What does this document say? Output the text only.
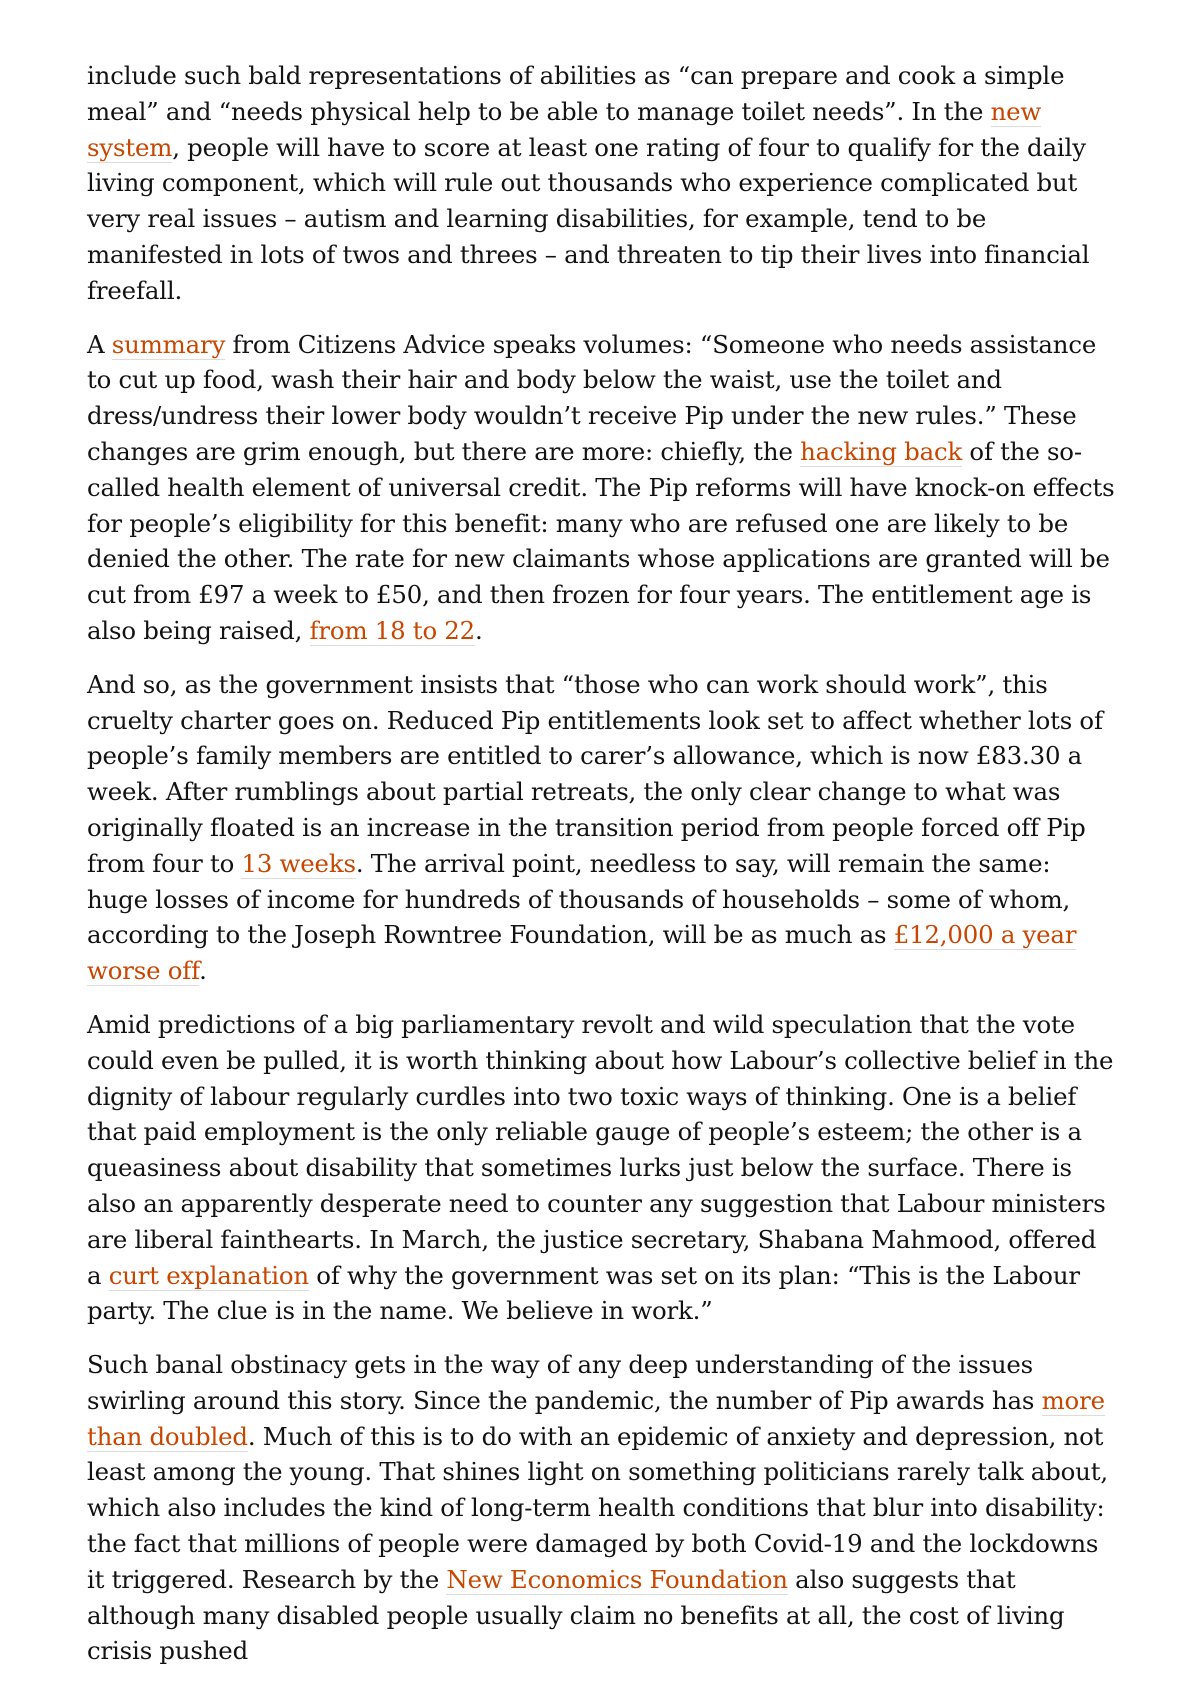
include such bald representations of abilities as “can prepare and cook a simple meal” and “needs physical help to be able to manage toilet needs”. In the new system, people will have to score at least one rating of four to qualify for the daily living component, which will rule out thousands who experience complicated but very real issues – autism and learning disabilities, for example, tend to be manifested in lots of twos and threes – and threaten to tip their lives into financial freefall.

A summary from Citizens Advice speaks volumes: “Someone who needs assistance to cut up food, wash their hair and body below the waist, use the toilet and dress/undress their lower body wouldn’t receive Pip under the new rules.” These changes are grim enough, but there are more: chiefly, the hacking back of the so-called health element of universal credit. The Pip reforms will have knock-on effects for people’s eligibility for this benefit: many who are refused one are likely to be denied the other. The rate for new claimants whose applications are granted will be cut from £97 a week to £50, and then frozen for four years. The entitlement age is also being raised, from 18 to 22.

And so, as the government insists that “those who can work should work”, this cruelty charter goes on. Reduced Pip entitlements look set to affect whether lots of people’s family members are entitled to carer’s allowance, which is now £83.30 a week. After rumblings about partial retreats, the only clear change to what was originally floated is an increase in the transition period from people forced off Pip from four to 13 weeks. The arrival point, needless to say, will remain the same: huge losses of income for hundreds of thousands of households – some of whom, according to the Joseph Rowntree Foundation, will be as much as £12,000 a year worse off.

Amid predictions of a big parliamentary revolt and wild speculation that the vote could even be pulled, it is worth thinking about how Labour’s collective belief in the dignity of labour regularly curdles into two toxic ways of thinking. One is a belief that paid employment is the only reliable gauge of people’s esteem; the other is a queasiness about disability that sometimes lurks just below the surface. There is also an apparently desperate need to counter any suggestion that Labour ministers are liberal fainthearts. In March, the justice secretary, Shabana Mahmood, offered a curt explanation of why the government was set on its plan: “This is the Labour party. The clue is in the name. We believe in work.”

Such banal obstinacy gets in the way of any deep understanding of the issues swirling around this story. Since the pandemic, the number of Pip awards has more than doubled. Much of this is to do with an epidemic of anxiety and depression, not least among the young. That shines light on something politicians rarely talk about, which also includes the kind of long-term health conditions that blur into disability: the fact that millions of people were damaged by both Covid-19 and the lockdowns it triggered. Research by the New Economics Foundation also suggests that although many disabled people usually claim no benefits at all, the cost of living crisis pushed
